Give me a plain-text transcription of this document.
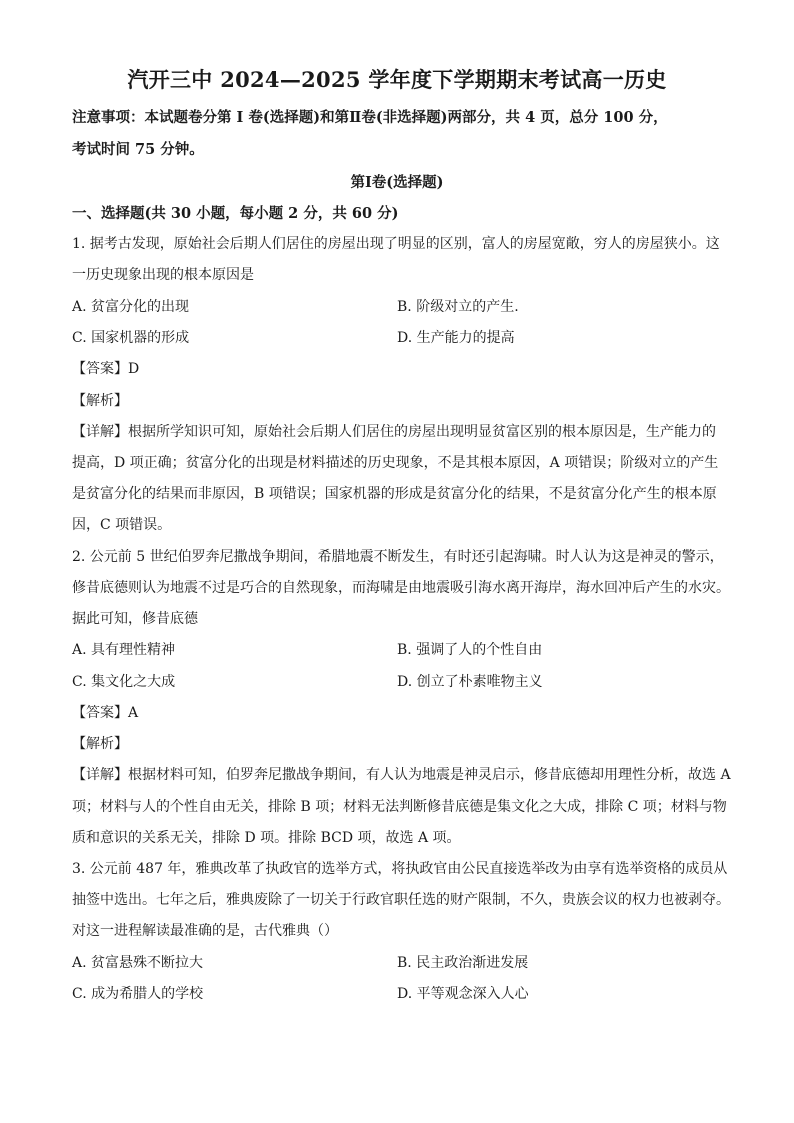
汽开三中 2024—2025 学年度下学期期末考试高一历史
注意事项：本试题卷分第 Ⅰ 卷(选择题)和第Ⅱ卷(非选择题)两部分，共 4 页，总分 100 分，
考试时间 75 分钟。
第Ⅰ卷(选择题)
一、选择题(共 30 小题，每小题 2 分，共 60 分)
1. 据考古发现，原始社会后期人们居住的房屋出现了明显的区别，富人的房屋宽敞，穷人的房屋狭小。这
一历史现象出现的根本原因是
A. 贫富分化的出现	B. 阶级对立的产生.
C. 国家机器的形成	D. 生产能力的提高
【答案】D
【解析】
【详解】根据所学知识可知，原始社会后期人们居住的房屋出现明显贫富区别的根本原因是，生产能力的
提高，D 项正确；贫富分化的出现是材料描述的历史现象，不是其根本原因，A 项错误；阶级对立的产生
是贫富分化的结果而非原因，B 项错误；国家机器的形成是贫富分化的结果，不是贫富分化产生的根本原
因，C 项错误。
2. 公元前 5 世纪伯罗奔尼撒战争期间，希腊地震不断发生，有时还引起海啸。时人认为这是神灵的警示，
修昔底德则认为地震不过是巧合的自然现象，而海啸是由地震吸引海水离开海岸，海水回冲后产生的水灾。
据此可知，修昔底德
A. 具有理性精神	B. 强调了人的个性自由
C. 集文化之大成	D. 创立了朴素唯物主义
【答案】A
【解析】
【详解】根据材料可知，伯罗奔尼撒战争期间，有人认为地震是神灵启示，修昔底德却用理性分析，故选 A
项；材料与人的个性自由无关，排除 B 项；材料无法判断修昔底德是集文化之大成，排除 C 项；材料与物
质和意识的关系无关，排除 D 项。排除 BCD 项，故选 A 项。
3. 公元前 487 年，雅典改革了执政官的选举方式，将执政官由公民直接选举改为由享有选举资格的成员从
抽签中选出。七年之后，雅典废除了一切关于行政官职任选的财产限制，不久，贵族会议的权力也被剥夺。
对这一进程解读最准确的是，古代雅典（）
A. 贫富悬殊不断拉大	B. 民主政治渐进发展
C. 成为希腊人的学校	D. 平等观念深入人心
